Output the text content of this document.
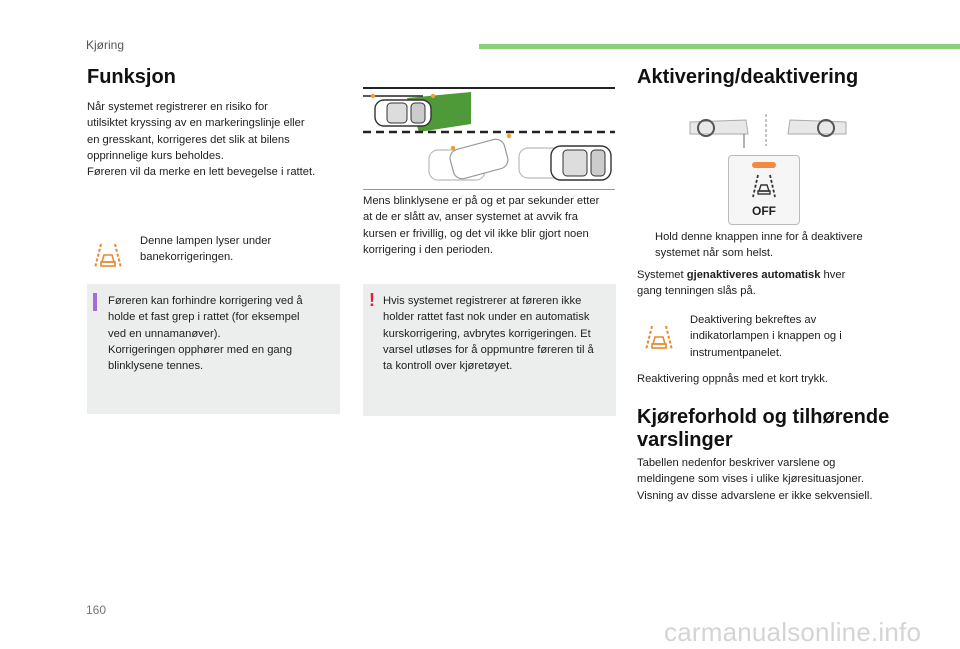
Kjøring
Funksjon
Når systemet registrerer en risiko for
utilsiktet kryssing av en markeringslinje eller
en gresskant, korrigeres det slik at bilens
opprinnelige kurs beholdes.
Føreren vil da merke en lett bevegelse i rattet.
Denne lampen lyser under
banekorrigeringen.
Føreren kan forhindre korrigering ved å
holde et fast grep i rattet (for eksempel
ved en unnamanøver).
Korrigeringen opphører med en gang
blinklysene tennes.
Mens blinklysene er på og et par sekunder etter
at de er slått av, anser systemet at avvik fra
kursen er frivillig, og det vil ikke blir gjort noen
korrigering i den perioden.
! Hvis systemet registrerer at føreren ikke
holder rattet fast nok under en automatisk
kurskorrigering, avbrytes korrigeringen. Et
varsel utløses for å oppmuntre føreren til å
ta kontroll over kjøretøyet.
Aktivering/deaktivering
OFF
Hold denne knappen inne for å deaktivere
systemet når som helst.
Systemet gjenaktiveres automatisk hver
gang tenningen slås på.
Deaktivering bekreftes av
indikatorlampen i knappen og i
instrumentpanelet.
Reaktivering oppnås med et kort trykk.
Kjøreforhold og tilhørende
varslinger
Tabellen nedenfor beskriver varslene og
meldingene som vises i ulike kjøresituasjoner.
Visning av disse advarslene er ikke sekvensiell.
160
carmanualsonline.info
